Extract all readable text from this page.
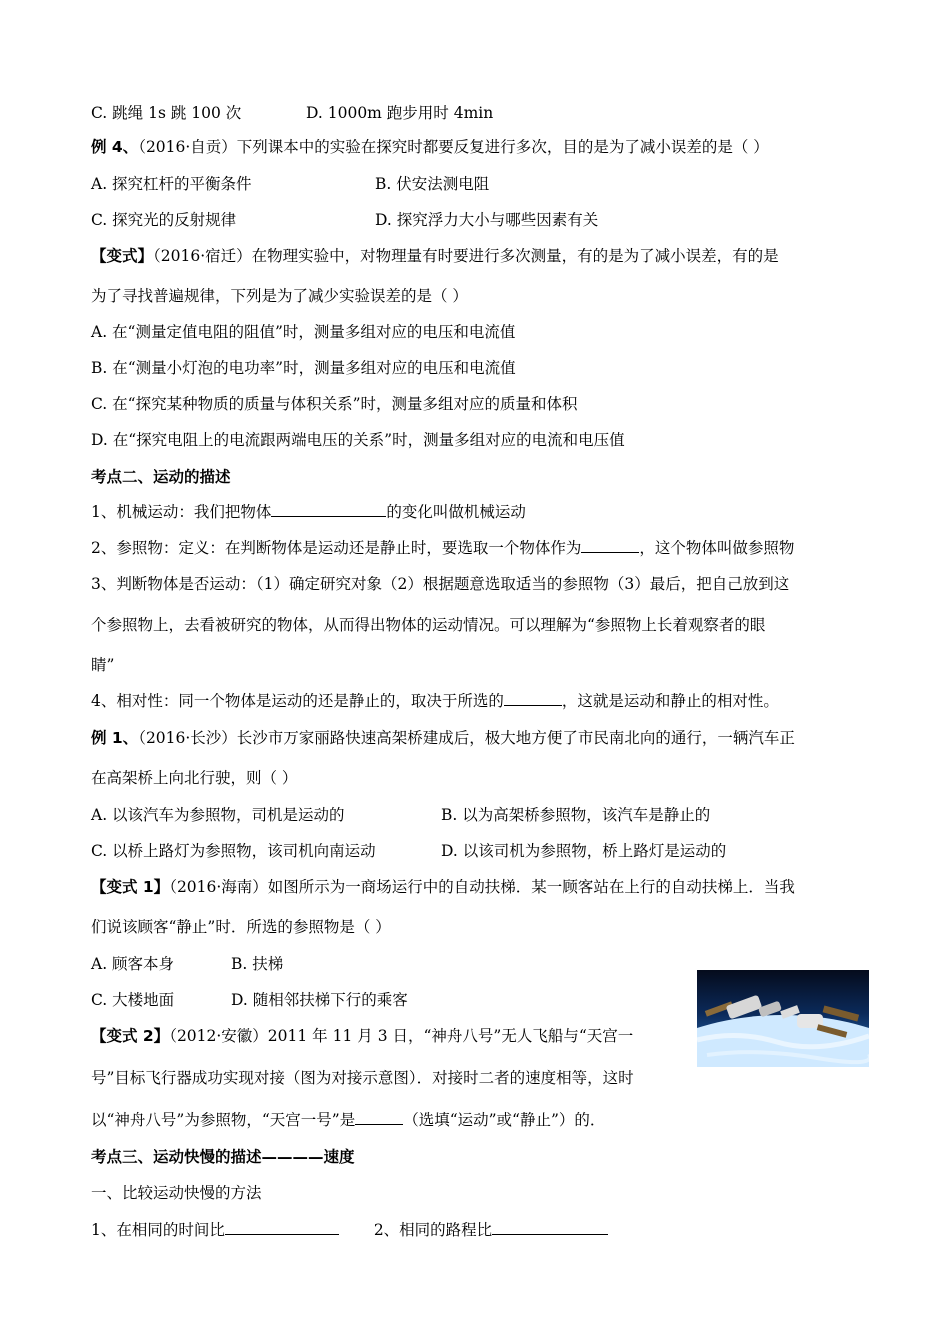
C. 跳绳 1s 跳 100 次	D. 1000m 跑步用时 4min
例 4、（2016·自贡）下列课本中的实验在探究时都要反复进行多次，目的是为了减小误差的是（ ）
A. 探究杠杆的平衡条件	B. 伏安法测电阻
C. 探究光的反射规律	D. 探究浮力大小与哪些因素有关
【变式】（2016·宿迁）在物理实验中，对物理量有时要进行多次测量，有的是为了减小误差，有的是
为了寻找普遍规律，下列是为了减少实验误差的是（ ）
A. 在“测量定值电阻的阻值”时，测量多组对应的电压和电流值
B. 在“测量小灯泡的电功率”时，测量多组对应的电压和电流值
C. 在“探究某种物质的质量与体积关系”时，测量多组对应的质量和体积
D. 在“探究电阻上的电流跟两端电压的关系”时，测量多组对应的电流和电压值
考点二、运动的描述
1、机械运动：我们把物体	的变化叫做机械运动
2、参照物：定义：在判断物体是运动还是静止时，要选取一个物体作为	，这个物体叫做参照物
3、判断物体是否运动：（1）确定研究对象（2）根据题意选取适当的参照物（3）最后，把自己放到这
个参照物上，去看被研究的物体，从而得出物体的运动情况。可以理解为“参照物上长着观察者的眼
睛”
4、相对性：同一个物体是运动的还是静止的，取决于所选的	，这就是运动和静止的相对性。
例 1、（2016·长沙）长沙市万家丽路快速高架桥建成后，极大地方便了市民南北向的通行，一辆汽车正
在高架桥上向北行驶，则（ ）
A. 以该汽车为参照物，司机是运动的	B. 以为高架桥参照物，该汽车是静止的
C. 以桥上路灯为参照物，该司机向南运动	D. 以该司机为参照物，桥上路灯是运动的
【变式 1】（2016·海南）如图所示为一商场运行中的自动扶梯．某一顾客站在上行的自动扶梯上．当我
们说该顾客“静止”时．所选的参照物是（ ）
A. 顾客本身	B. 扶梯
C. 大楼地面	D. 随相邻扶梯下行的乘客
【变式 2】（2012·安徽）2011 年 11 月 3 日，“神舟八号”无人飞船与“天宫一
号”目标飞行器成功实现对接（图为对接示意图）．对接时二者的速度相等，这时
以“神舟八号”为参照物，“天宫一号”是	（选填“运动”或“静止”）的．
考点三、运动快慢的描述————速度
一、比较运动快慢的方法
1、在相同的时间比	2、相同的路程比
